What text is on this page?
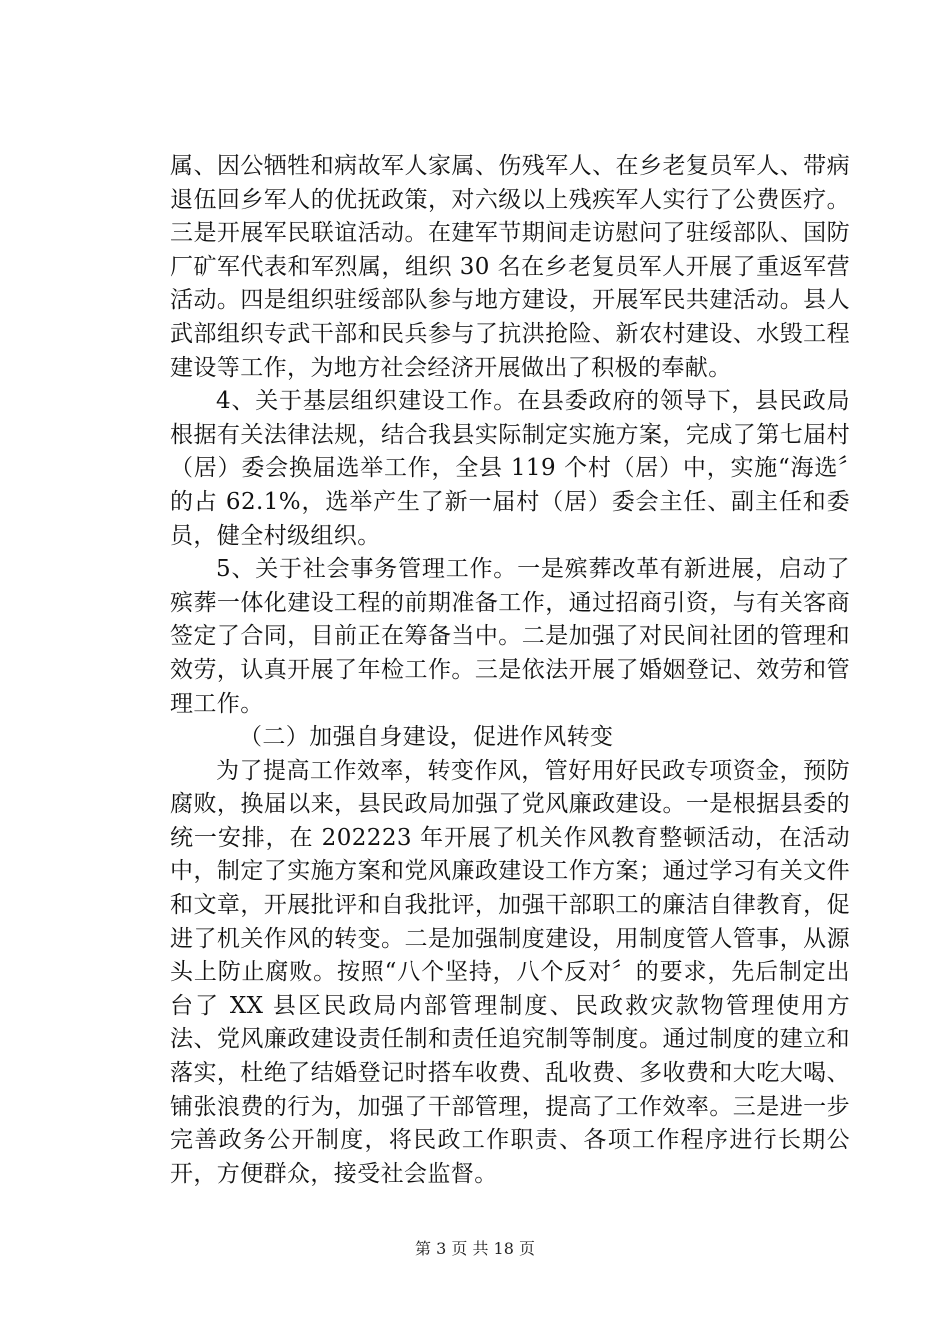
属、因公牺牲和病故军人家属、伤残军人、在乡老复员军人、带病退伍回乡军人的优抚政策，对六级以上残疾军人实行了公费医疗。三是开展军民联谊活动。在建军节期间走访慰问了驻绥部队、国防厂矿军代表和军烈属，组织 30 名在乡老复员军人开展了重返军营活动。四是组织驻绥部队参与地方建设，开展军民共建活动。县人武部组织专武干部和民兵参与了抗洪抢险、新农村建设、水毁工程建设等工作，为地方社会经济开展做出了积极的奉献。

4、关于基层组织建设工作。在县委政府的领导下，县民政局根据有关法律法规，结合我县实际制定实施方案，完成了第七届村（居）委会换届选举工作，全县 119 个村（居）中，实施“海选〞的占 62.1%，选举产生了新一届村（居）委会主任、副主任和委员，健全村级组织。

5、关于社会事务管理工作。一是殡葬改革有新进展，启动了殡葬一体化建设工程的前期准备工作，通过招商引资，与有关客商签定了合同，目前正在筹备当中。二是加强了对民间社团的管理和效劳，认真开展了年检工作。三是依法开展了婚姻登记、效劳和管理工作。

（二）加强自身建设，促进作风转变

为了提高工作效率，转变作风，管好用好民政专项资金，预防腐败，换届以来，县民政局加强了党风廉政建设。一是根据县委的统一安排，在 202223 年开展了机关作风教育整顿活动，在活动中，制定了实施方案和党风廉政建设工作方案；通过学习有关文件和文章，开展批评和自我批评，加强干部职工的廉洁自律教育，促进了机关作风的转变。二是加强制度建设，用制度管人管事，从源头上防止腐败。按照“八个坚持，八个反对〞的要求，先后制定出台了 XX 县区民政局内部管理制度、民政救灾款物管理使用方法、党风廉政建设责任制和责任追究制等制度。通过制度的建立和落实，杜绝了结婚登记时搭车收费、乱收费、多收费和大吃大喝、铺张浪费的行为，加强了干部管理，提高了工作效率。三是进一步完善政务公开制度，将民政工作职责、各项工作程序进行长期公开，方便群众，接受社会监督。

第 3 页 共 18 页
